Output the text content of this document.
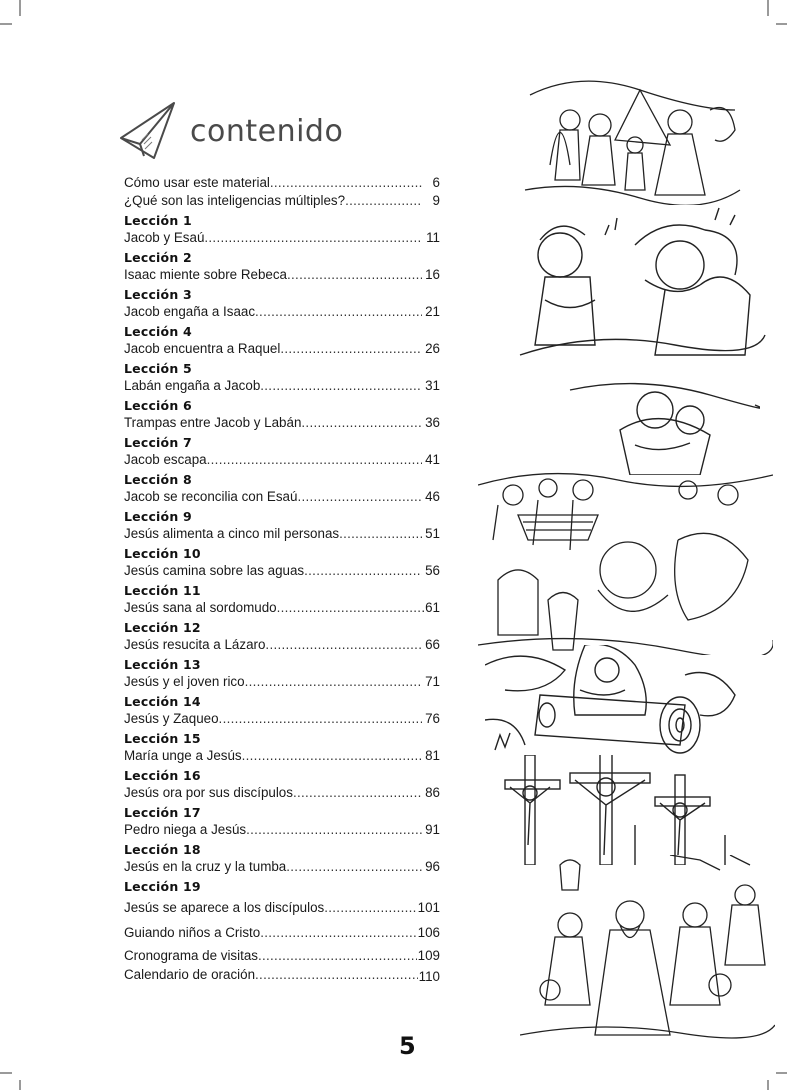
contenido
Cómo usar este material .....	6
¿Qué son las inteligencias múltiples? .....	9
Lección 1
Jacob y Esaú .....	11
Lección 2
Isaac miente sobre Rebeca .....	16
Lección 3
Jacob engaña a Isaac .....	21
Lección 4
Jacob encuentra a Raquel .....	26
Lección 5
Labán engaña a Jacob .....	31
Lección 6
Trampas entre Jacob y Labán .....	36
Lección 7
Jacob escapa .....	41
Lección 8
Jacob se reconcilia con Esaú .....	46
Lección 9
Jesús alimenta a cinco mil personas .....	51
Lección 10
Jesús camina sobre las aguas .....	56
Lección 11
Jesús sana al sordomudo .....	.61
Lección 12
Jesús resucita a Lázaro .....	66
Lección 13
Jesús y el joven rico .....	71
Lección 14
Jesús y Zaqueo .....	76
Lección 15
María unge a Jesús .....	81
Lección 16
Jesús ora por sus discípulos .....	86
Lección 17
Pedro niega a Jesús .....	91
Lección 18
Jesús en la cruz y la tumba .....	96
Lección 19
Jesús se aparece a los discípulos .....	101
Guiando niños a Cristo .....	106
Cronograma de visitas .....	109
Calendario de oración .....	110
5
